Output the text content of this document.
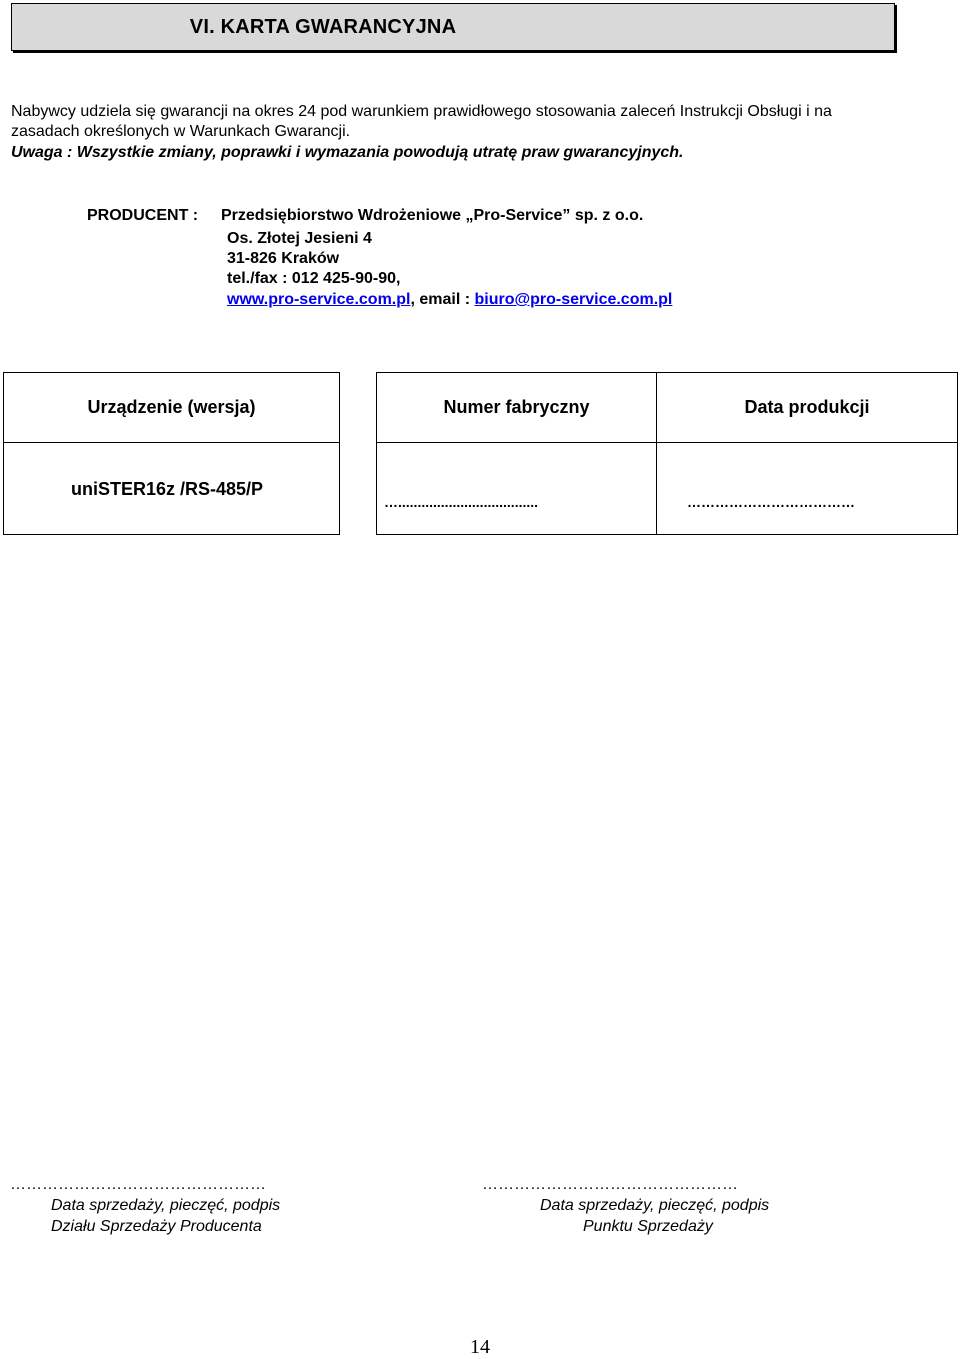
VI. KARTA GWARANCYJNA
Nabywcy udziela się gwarancji na okres 24 pod warunkiem prawidłowego stosowania zaleceń Instrukcji Obsługi i na
zasadach określonych w Warunkach Gwarancji.
Uwaga : Wszystkie zmiany, poprawki i wymazania powodują utratę praw gwarancyjnych.
PRODUCENT : Przedsiębiorstwo Wdrożeniowe „Pro-Service” sp. z o.o.
Os. Złotej Jesieni 4
31-826 Kraków
tel./fax : 012 425-90-90,
www.pro-service.com.pl, email : biuro@pro-service.com.pl
Urządzenie (wersja)
uniSTER16z /RS-485/P
Numer fabryczny	Data produkcji
…....................................	………………………………
…………………………………………
Data sprzedaży, pieczęć, podpis
Działu Sprzedaży Producenta
…………………………………………
Data sprzedaży, pieczęć, podpis
Punktu Sprzedaży
14
